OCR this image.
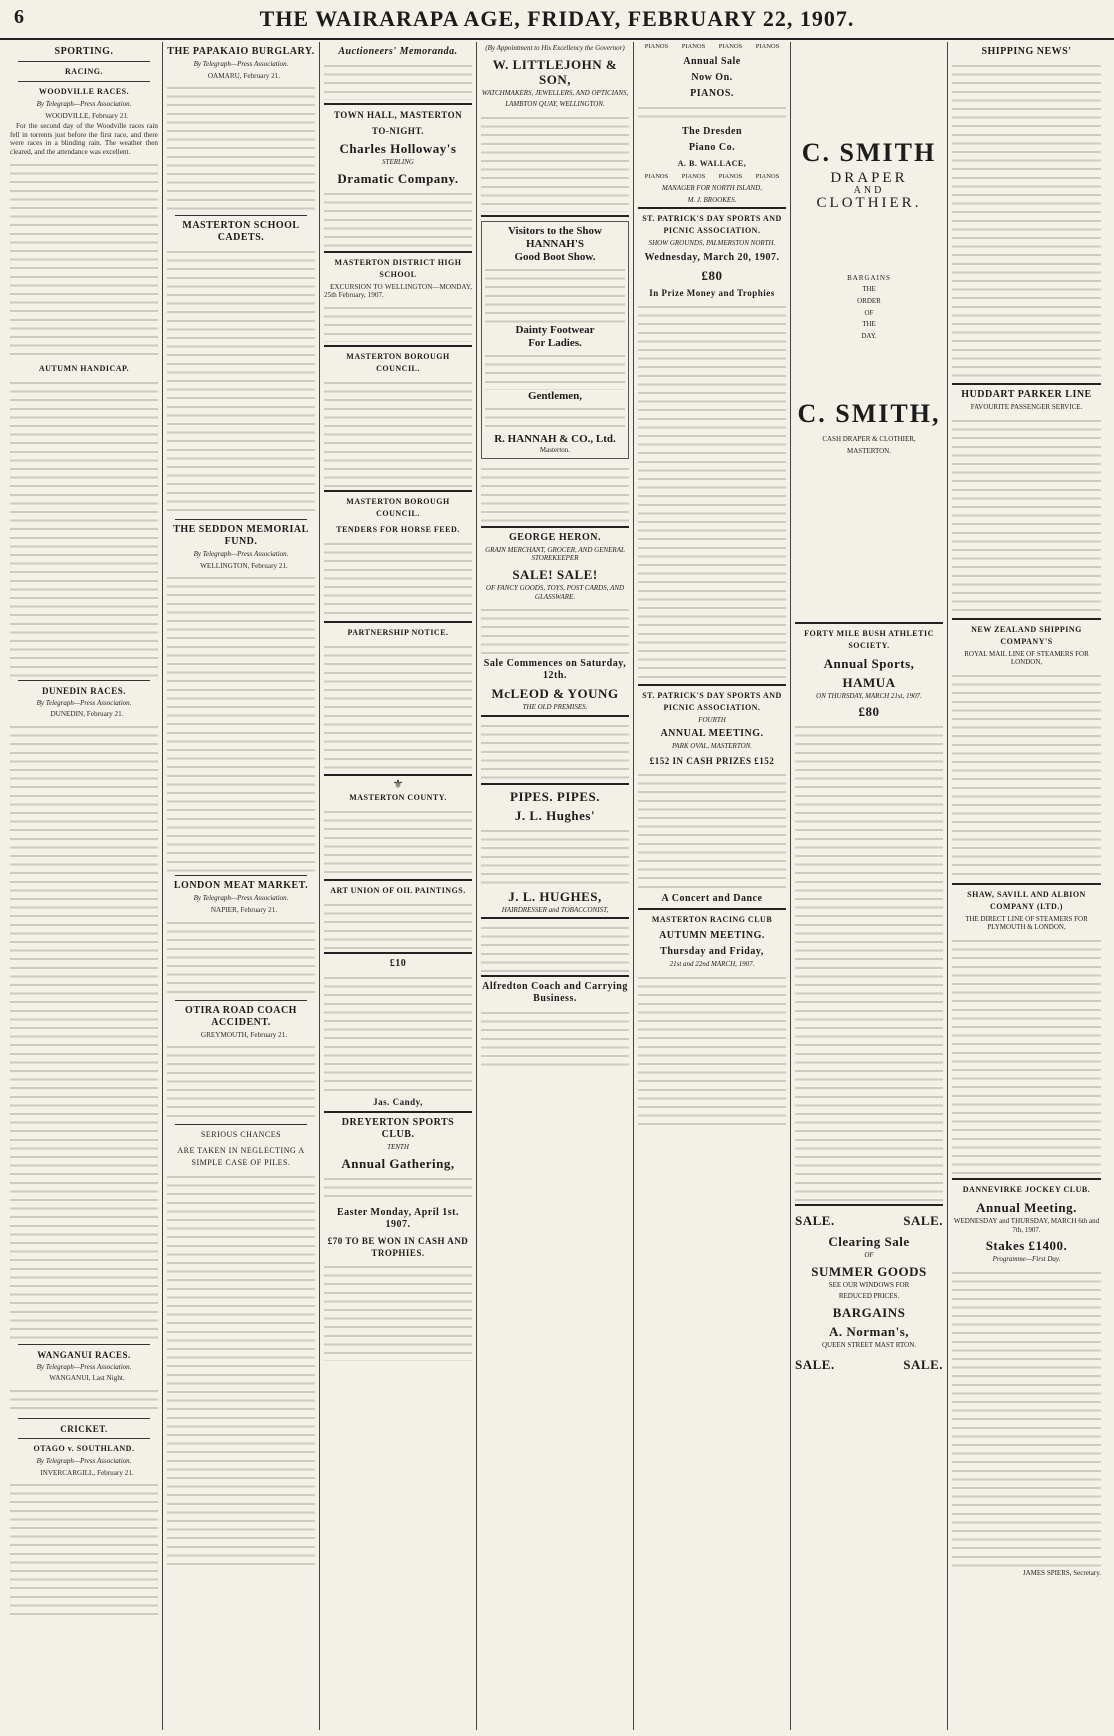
6	THE WAIRARAPA AGE, FRIDAY, FEBRUARY 22, 1907.
SPORTING.
RACING.
WOODVILLE RACES.
By Telegraph—Press Association.
WOODVILLE, February 21.
For the second day of the Woodville races rain fell in torrents just before the first race, and there were races in a blinding rain. The weather then cleared, and the attendance was excellent.
AUTUMN HANDICAP.
DUNEDIN RACES.
By Telegraph—Press Association.
DUNEDIN, February 21.
WANGANUI RACES.
By Telegraph—Press Association.
WANGANUI, Last Night.
CRICKET.
OTAGO v. SOUTHLAND.
By Telegraph—Press Association.
INVERCARGILL, February 21.
THE PAPAKAIO BURGLARY.
By Telegraph—Press Association.
OAMARU, February 21.
MASTERTON SCHOOL CADETS.
THE SEDDON MEMORIAL FUND.
By Telegraph—Press Association.
WELLINGTON, February 21.
LONDON MEAT MARKET.
By Telegraph—Press Association.
NAPIER, February 21.
OTIRA ROAD COACH ACCIDENT.
GREYMOUTH, February 21.
SERIOUS CHANCES
ARE TAKEN IN NEGLECTING A SIMPLE CASE OF PILES.
Auctioneers' Memoranda.
TOWN HALL, MASTERTON
TO-NIGHT.
Charles Holloway's
STERLING
Dramatic Company.
MASTERTON DISTRICT HIGH SCHOOL
EXCURSION TO WELLINGTON—MONDAY, 25th February, 1907.
MASTERTON BOROUGH COUNCIL.
MASTERTON BOROUGH COUNCIL.
TENDERS FOR HORSE FEED.
PARTNERSHIP NOTICE.
⚜
MASTERTON COUNTY.
ART UNION OF OIL PAINTINGS.
£10
Jas. Candy,
DREYERTON SPORTS CLUB.
TENTH
Annual Gathering,
Easter Monday, April 1st. 1907.
£70 TO BE WON IN CASH AND TROPHIES.
(By Appointment to His Excellency the Governor)
W. LITTLEJOHN & SON,
WATCHMAKERS, JEWELLERS, AND OPTICIANS,
LAMBTON QUAY, WELLINGTON.
Visitors to the Show
HANNAH'S
Good Boot Show.
Dainty Footwear
For Ladies.
Gentlemen,
R. HANNAH & CO., Ltd.
Masterton.
GEORGE HERON.
GRAIN MERCHANT, GROCER, AND GENERAL STOREKEEPER
SALE! SALE!
OF FANCY GOODS, TOYS, POST CARDS, AND GLASSWARE.
Sale Commences on Saturday, 12th.
McLEOD & YOUNG
THE OLD PREMISES.
PIPES. PIPES.
J. L. Hughes'
J. L. HUGHES,
HAIRDRESSER and TOBACCONIST,
Alfredton Coach and Carrying Business.
PIANOS	PIANOS	PIANOS	PIANOS
Annual Sale
Now On.
PIANOS.
The Dresden
Piano Co.
A. B. WALLACE,
PIANOS	PIANOS	PIANOS	PIANOS
MANAGER FOR NORTH ISLAND,
M. J. BROOKES.
ST. PATRICK'S DAY SPORTS AND PICNIC ASSOCIATION.
SHOW GROUNDS, PALMERSTON NORTH.
Wednesday, March 20, 1907.
£80
In Prize Money and Trophies
ST. PATRICK'S DAY SPORTS AND PICNIC ASSOCIATION.
FOURTH
ANNUAL MEETING.
PARK OVAL, MASTERTON.
£152 IN CASH PRIZES £152
A Concert and Dance
MASTERTON RACING CLUB
AUTUMN MEETING.
Thursday and Friday,
21st and 22nd MARCH, 1907.
C. SMITH
DRAPER
AND
CLOTHIER.
BARGAINS
THE
ORDER
OF
THE
DAY.
C. SMITH,
CASH DRAPER & CLOTHIER,
MASTERTON.
FORTY MILE BUSH ATHLETIC SOCIETY.
Annual Sports,
HAMUA
ON THURSDAY, MARCH 21st, 1907.
£80
SALE.	SALE.
Clearing Sale
OF
SUMMER GOODS
SEE OUR WINDOWS FOR
REDUCED PRICES.
BARGAINS
A. Norman's,
QUEEN STREET MAST RTON.
SALE.	SALE.
SHIPPING NEWS'
HUDDART PARKER LINE
FAVOURITE PASSENGER SERVICE.
NEW ZEALAND SHIPPING COMPANY'S
ROYAL MAIL LINE OF STEAMERS FOR LONDON,
SHAW, SAVILL AND ALBION COMPANY (LTD.)
THE DIRECT LINE OF STEAMERS FOR PLYMOUTH & LONDON,
DANNEVIRKE JOCKEY CLUB.
Annual Meeting.
WEDNESDAY and THURSDAY, MARCH 6th and 7th, 1907.
Stakes £1400.
Programme—First Day.
JAMES SPIERS, Secretary.
